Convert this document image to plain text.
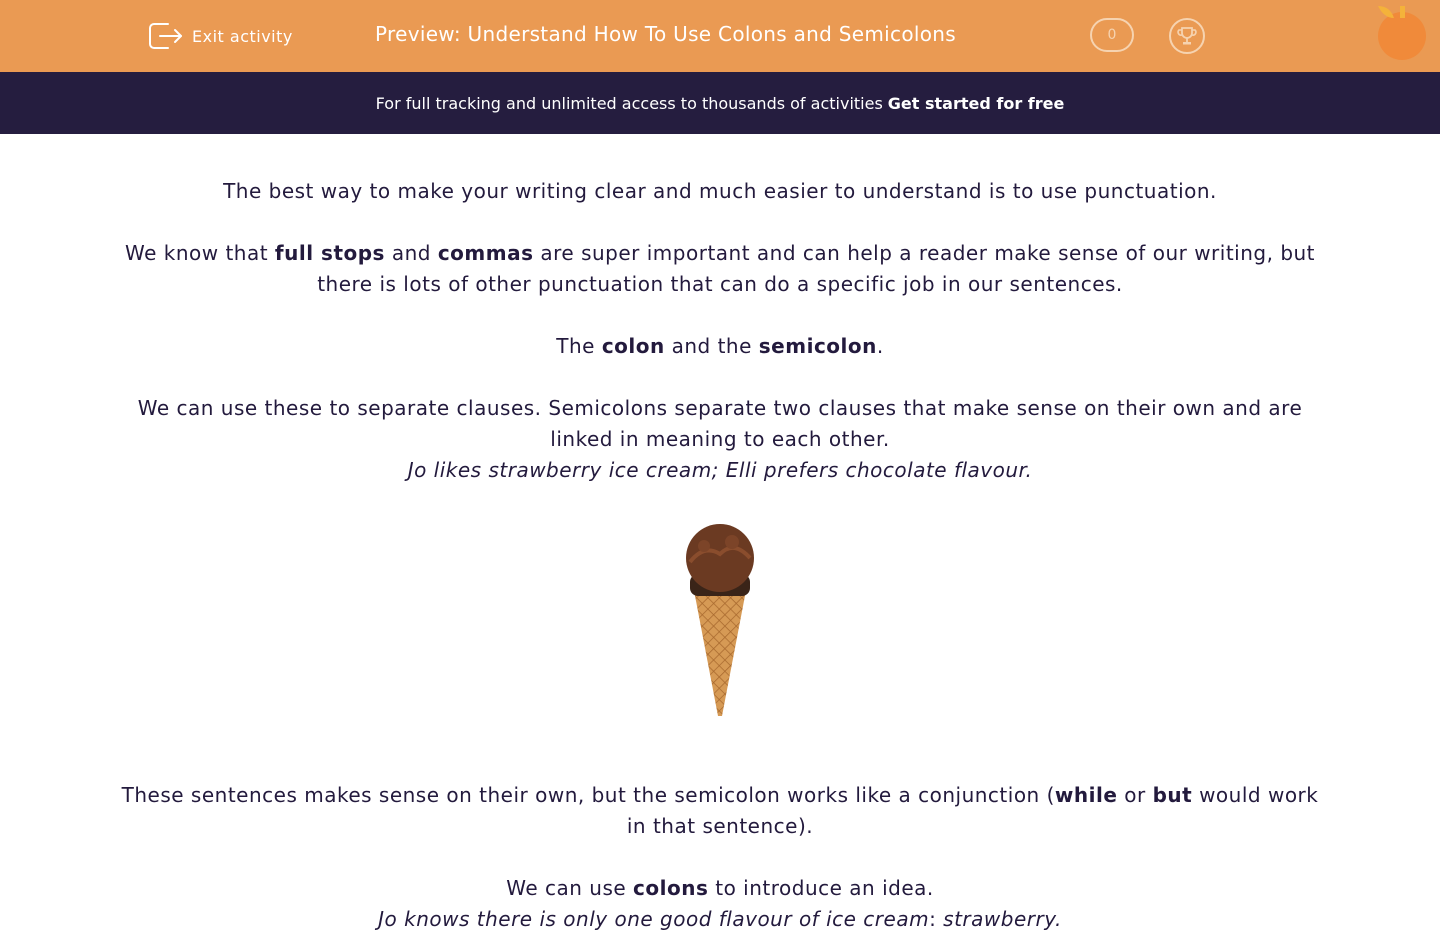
Exit activity	Preview: Understand How To Use Colons and Semicolons	0
For full tracking and unlimited access to thousands of activities Get started for free

The best way to make your writing clear and much easier to understand is to use punctuation.

We know that full stops and commas are super important and can help a reader make sense of our writing, but there is lots of other punctuation that can do a specific job in our sentences.

The colon and the semicolon.

We can use these to separate clauses. Semicolons separate two clauses that make sense on their own and are linked in meaning to each other.

Jo likes strawberry ice cream; Elli prefers chocolate flavour.

These sentences makes sense on their own, but the semicolon works like a conjunction (while or but would work in that sentence).

We can use colons to introduce an idea.

Jo knows there is only one good flavour of ice cream: strawberry.
